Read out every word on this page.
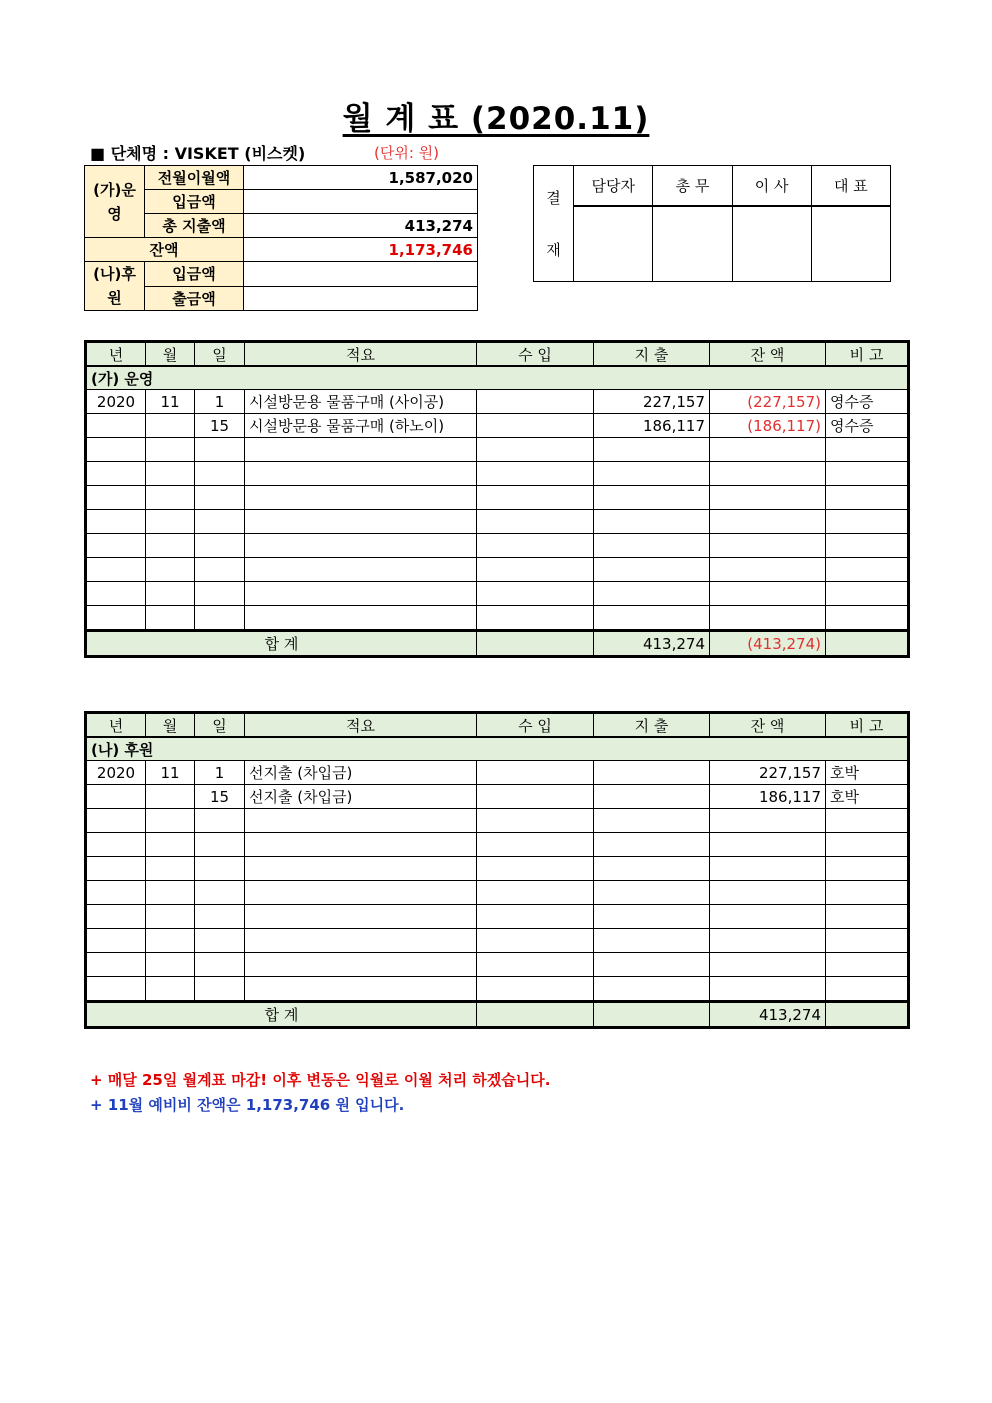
월 계 표 (2020.11)
■ 단체명 : VISKET (비스켓)	(단위: 원)
(가)운영	전월이월액	1,587,020
	입금액	
	총 지출액	413,274
잔액		1,173,746
(나)후원	입금액	
	출금액	
결
재	담당자	총 무	이 사	대 표

년	월	일	적요	수 입	지 출	잔 액	비 고
(가) 운영							
2020	11	1	시설방문용 물품구매 (사이공)		227,157	(227,157)	영수증
		15	시설방문용 물품구매 (하노이)		186,117	(186,117)	영수증

합 계					413,274	(413,274)	
년	월	일	적요	수 입	지 출	잔 액	비 고
(나) 후원							
2020	11	1	선지출 (차입금)			227,157	호박
		15	선지출 (차입금)			186,117	호박

합 계						413,274	
+ 매달 25일 월계표 마감! 이후 변동은 익월로 이월 처리 하겠습니다.
+ 11월 예비비 잔액은 1,173,746 원 입니다.
